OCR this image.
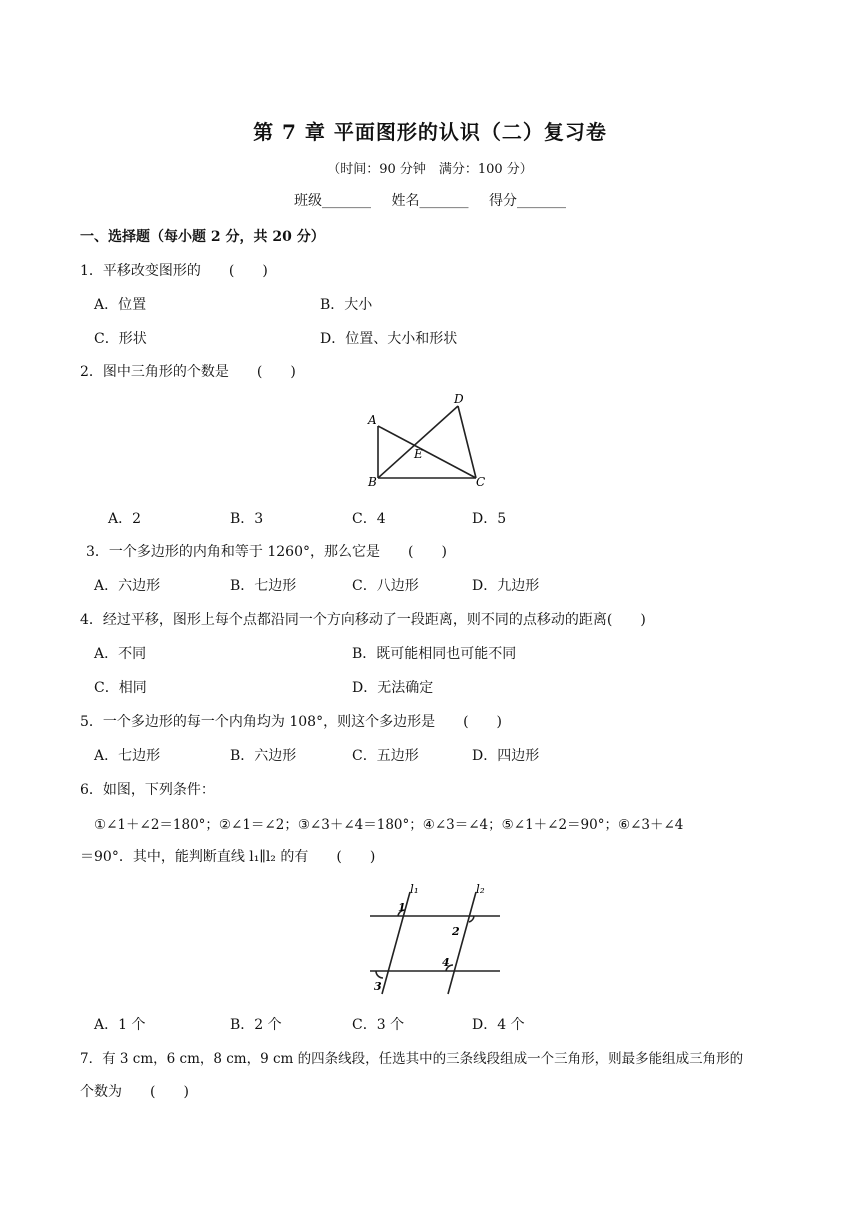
第 7 章 平面图形的认识（二）复习卷
（时间：90 分钟　满分：100 分）
班级_______ 姓名_______ 得分_______
一、选择题（每小题 2 分，共 20 分）
1．平移改变图形的　　(　　)
A．位置	B．大小
C．形状	D．位置、大小和形状
2．图中三角形的个数是　　(　　)
A
B	C
D
E
A．2	B．3	C．4	D．5
3．一个多边形的内角和等于 1260°，那么它是　　(　　)
A．六边形	B．七边形	C．八边形	D．九边形
4．经过平移，图形上每个点都沿同一个方向移动了一段距离，则不同的点移动的距离(　　)
A．不同	B．既可能相同也可能不同
C．相同	D．无法确定
5．一个多边形的每一个内角均为 108°，则这个多边形是　　(　　)
A．七边形	B．六边形	C．五边形	D．四边形
6．如图，下列条件：
①∠1＋∠2＝180°；②∠1＝∠2；③∠3＋∠4＝180°；④∠3＝∠4；⑤∠1＋∠2＝90°；⑥∠3＋∠4
＝90°．其中，能判断直线 l₁∥l₂ 的有　　(　　)
l₁	l₂
1
2
3
4
A．1 个	B．2 个	C．3 个	D．4 个
7．有 3 cm，6 cm，8 cm，9 cm 的四条线段，任选其中的三条线段组成一个三角形，则最多能组成三角形的
个数为　　(　　)
